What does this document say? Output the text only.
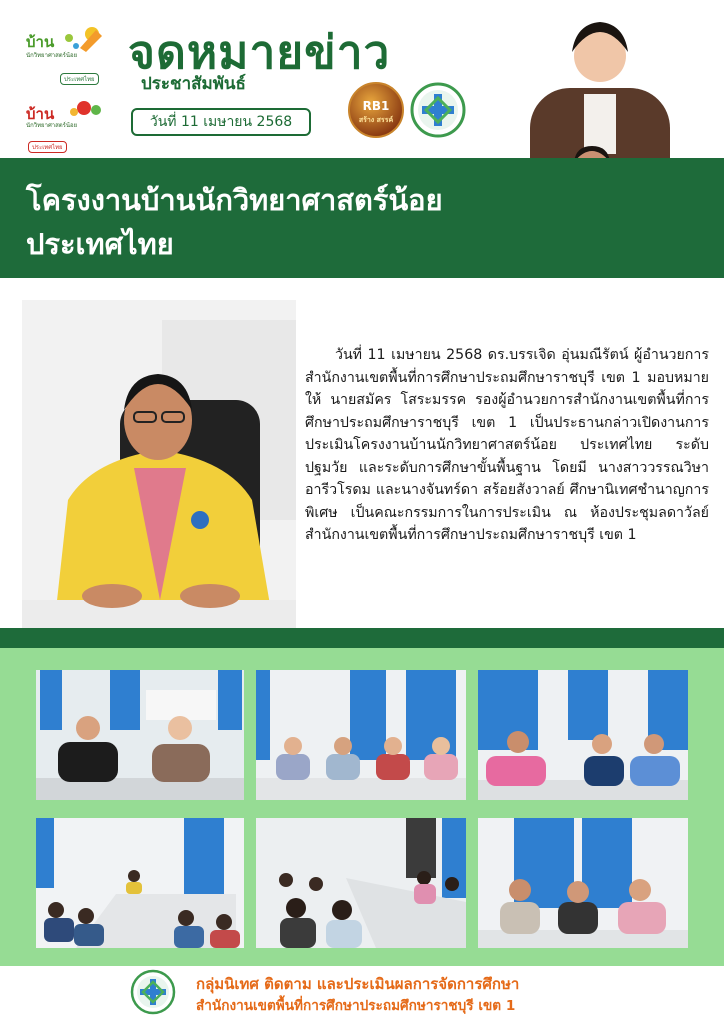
บ้าน
นักวิทยาศาสตร์น้อย
ประเทศไทย
บ้าน
นักวิทยาศาสตร์น้อย
ประเทศไทย
จดหมายข่าว
ประชาสัมพันธ์
วันที่ 11 เมษายน 2568
RB1
สร้าง สรรค์
โครงงานบ้านนักวิทยาศาสตร์น้อย ประเทศไทย

วันที่ 11 เมษายน 2568 ดร.บรรเจิด อุ่นมณีรัตน์ ผู้อำนวยการสำนักงานเขตพื้นที่การศึกษาประถมศึกษาราชบุรี เขต 1 มอบหมายให้ นายสมัคร โสระมรรค รองผู้อำนวยการสำนักงานเขตพื้นที่การศึกษาประถมศึกษาราชบุรี เขต 1 เป็นประธานกล่าวเปิดงานการประเมินโครงงานบ้านนักวิทยาศาสตร์น้อย ประเทศไทย ระดับปฐมวัย และระดับการศึกษาขั้นพื้นฐาน โดยมี นางสาววรรณวิษา อารีวโรดม และนางจันทร์ดา สร้อยสังวาลย์ ศึกษานิเทศชำนาญการพิเศษ เป็นคณะกรรมการในการประเมิน ณ ห้องประชุมลดาวัลย์ สำนักงานเขตพื้นที่การศึกษาประถมศึกษาราชบุรี เขต 1

กลุ่มนิเทศ ติดตาม และประเมินผลการจัดการศึกษา
สำนักงานเขตพื้นที่การศึกษาประถมศึกษาราชบุรี เขต 1
